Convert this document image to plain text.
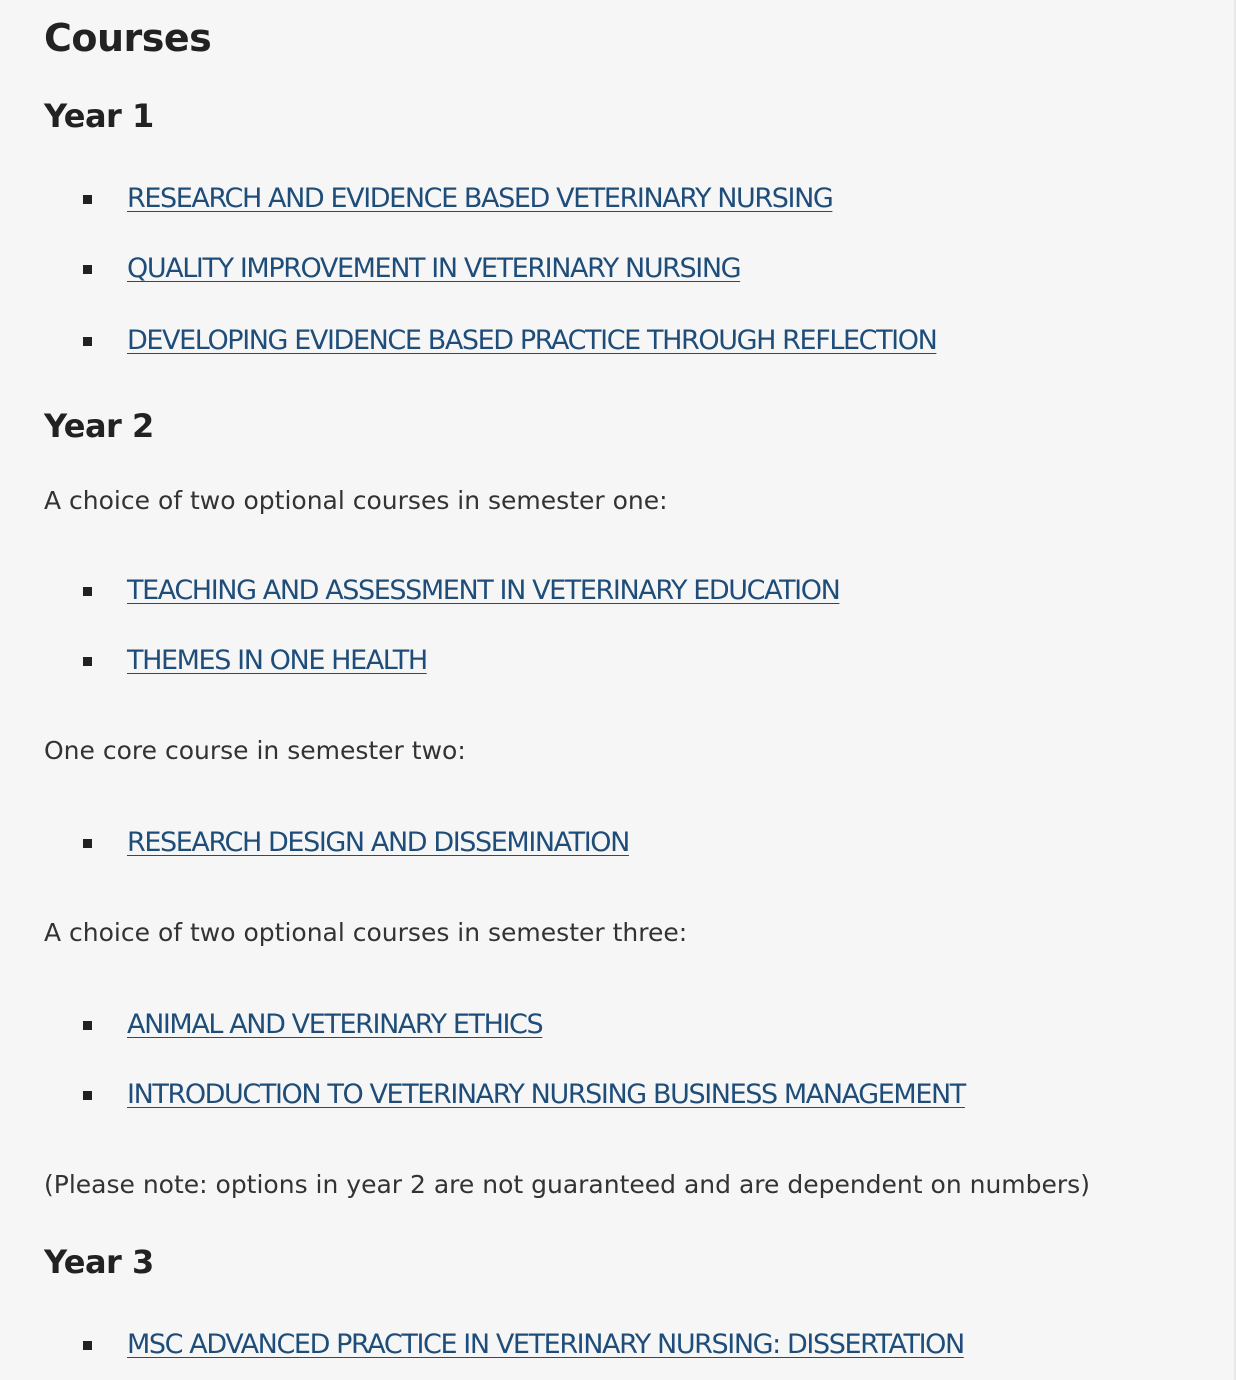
Courses
Year 1
RESEARCH AND EVIDENCE BASED VETERINARY NURSING
QUALITY IMPROVEMENT IN VETERINARY NURSING
DEVELOPING EVIDENCE BASED PRACTICE THROUGH REFLECTION
Year 2

A choice of two optional courses in semester one:

TEACHING AND ASSESSMENT IN VETERINARY EDUCATION
THEMES IN ONE HEALTH

One core course in semester two:

RESEARCH DESIGN AND DISSEMINATION

A choice of two optional courses in semester three:

ANIMAL AND VETERINARY ETHICS
INTRODUCTION TO VETERINARY NURSING BUSINESS MANAGEMENT

(Please note: options in year 2 are not guaranteed and are dependent on numbers)

Year 3
MSC ADVANCED PRACTICE IN VETERINARY NURSING: DISSERTATION
